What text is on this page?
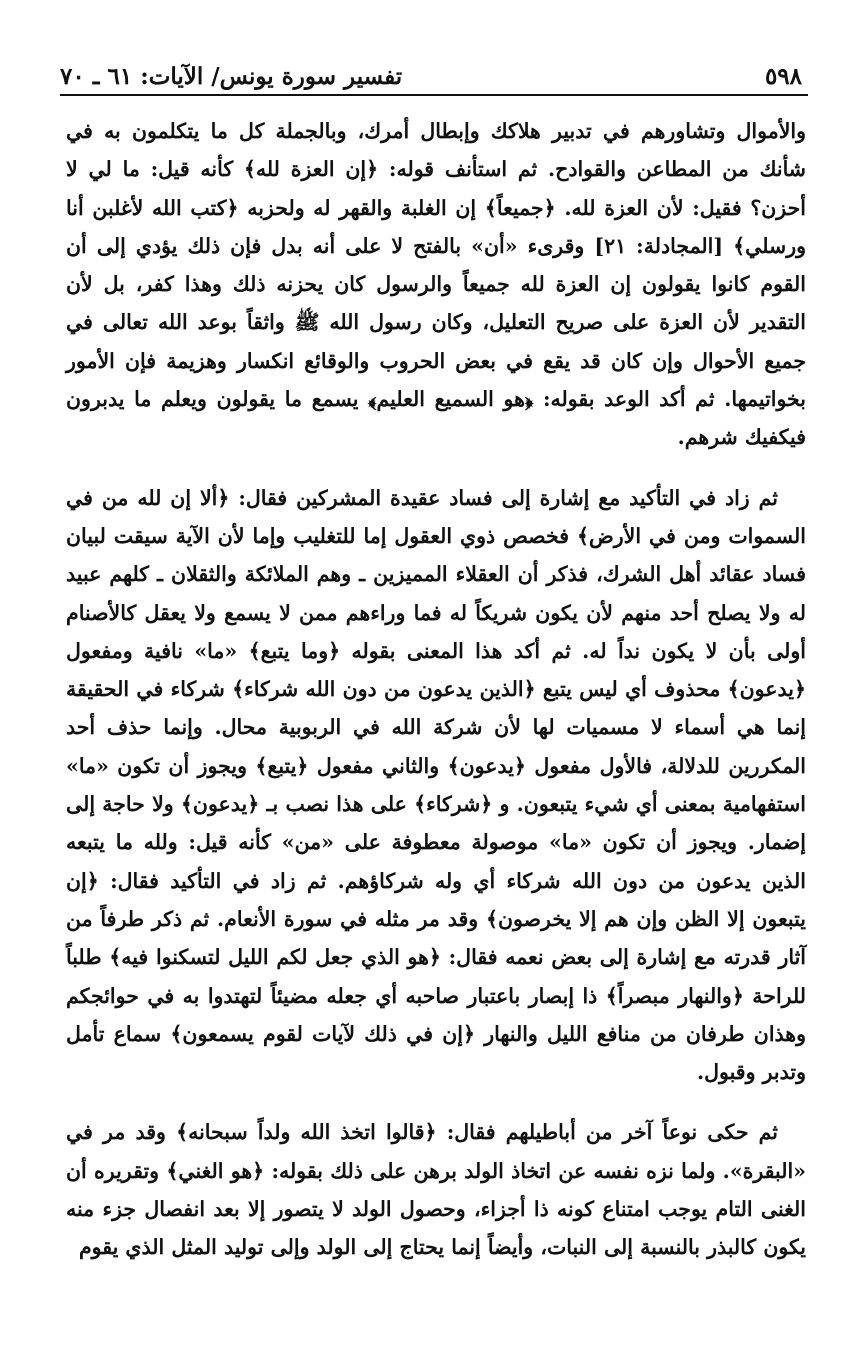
٥٩٨
تفسير سورة يونس/ الآيات: ٦١ ـ ٧٠

والأموال وتشاورهم في تدبير هلاكك وإبطال أمرك، وبالجملة كل ما يتكلمون به في شأنك من المطاعن والقوادح. ثم استأنف قوله: ﴿إن العزة لله﴾ كأنه قيل: ما لي لا أحزن؟ فقيل: لأن العزة لله. ﴿جميعاً﴾ إن الغلبة والقهر له ولحزبه ﴿كتب الله لأغلبن أنا ورسلي﴾ [المجادلة: ٢١] وقرىء «أن» بالفتح لا على أنه بدل فإن ذلك يؤدي إلى أن القوم كانوا يقولون إن العزة لله جميعاً والرسول كان يحزنه ذلك وهذا كفر، بل لأن التقدير لأن العزة على صريح التعليل، وكان رسول الله ﷺ واثقاً بوعد الله تعالى في جميع الأحوال وإن كان قد يقع في بعض الحروب والوقائع انكسار وهزيمة فإن الأمور بخواتيمها. ثم أكد الوعد بقوله: ﴿هو السميع العليم﴾ يسمع ما يقولون ويعلم ما يدبرون فيكفيك شرهم.

ثم زاد في التأكيد مع إشارة إلى فساد عقيدة المشركين فقال: ﴿ألا إن لله من في السموات ومن في الأرض﴾ فخصص ذوي العقول إما للتغليب وإما لأن الآية سيقت لبيان فساد عقائد أهل الشرك، فذكر أن العقلاء المميزين ـ وهم الملائكة والثقلان ـ كلهم عبيد له ولا يصلح أحد منهم لأن يكون شريكاً له فما وراءهم ممن لا يسمع ولا يعقل كالأصنام أولى بأن لا يكون نداً له. ثم أكد هذا المعنى بقوله ﴿وما يتبع﴾ «ما» نافية ومفعول ﴿يدعون﴾ محذوف أي ليس يتبع ﴿الذين يدعون من دون الله شركاء﴾ شركاء في الحقيقة إنما هي أسماء لا مسميات لها لأن شركة الله في الربوبية محال. وإنما حذف أحد المكررين للدلالة، فالأول مفعول ﴿يدعون﴾ والثاني مفعول ﴿يتبع﴾ ويجوز أن تكون «ما» استفهامية بمعنى أي شيء يتبعون. و ﴿شركاء﴾ على هذا نصب بـ ﴿يدعون﴾ ولا حاجة إلى إضمار. ويجوز أن تكون «ما» موصولة معطوفة على «من» كأنه قيل: ولله ما يتبعه الذين يدعون من دون الله شركاء أي وله شركاؤهم. ثم زاد في التأكيد فقال: ﴿إن يتبعون إلا الظن وإن هم إلا يخرصون﴾ وقد مر مثله في سورة الأنعام. ثم ذكر طرفاً من آثار قدرته مع إشارة إلى بعض نعمه فقال: ﴿هو الذي جعل لكم الليل لتسكنوا فيه﴾ طلباً للراحة ﴿والنهار مبصراً﴾ ذا إبصار باعتبار صاحبه أي جعله مضيئاً لتهتدوا به في حوائجكم وهذان طرفان من منافع الليل والنهار ﴿إن في ذلك لآيات لقوم يسمعون﴾ سماع تأمل وتدبر وقبول.

ثم حكى نوعاً آخر من أباطيلهم فقال: ﴿قالوا اتخذ الله ولداً سبحانه﴾ وقد مر في «البقرة». ولما نزه نفسه عن اتخاذ الولد برهن على ذلك بقوله: ﴿هو الغني﴾ وتقريره أن الغنى التام يوجب امتناع كونه ذا أجزاء، وحصول الولد لا يتصور إلا بعد انفصال جزء منه يكون كالبذر بالنسبة إلى النبات، وأيضاً إنما يحتاج إلى الولد وإلى توليد المثل الذي يقوم
